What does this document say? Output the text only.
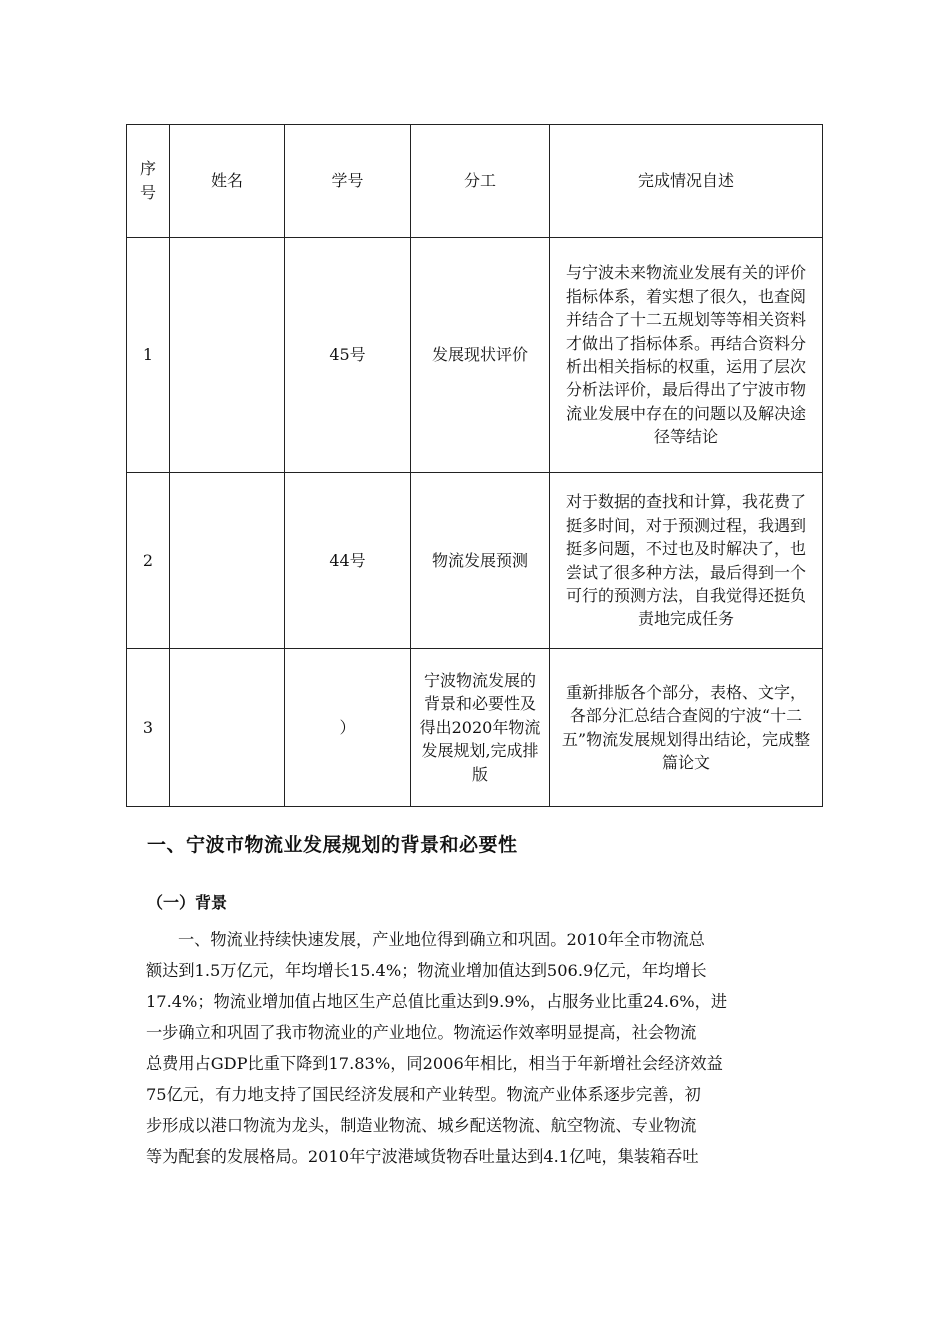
序号	姓名	学号	分工	完成情况自述
1		45号	发展现状评价	与宁波未来物流业发展有关的评价指标体系，着实想了很久，也查阅并结合了十二五规划等等相关资料才做出了指标体系。再结合资料分析出相关指标的权重，运用了层次分析法评价，最后得出了宁波市物流业发展中存在的问题以及解决途径等结论
2		44号	物流发展预测	对于数据的查找和计算，我花费了挺多时间，对于预测过程，我遇到挺多问题，不过也及时解决了，也尝试了很多种方法，最后得到一个可行的预测方法，自我觉得还挺负责地完成任务
3		）	宁波物流发展的背景和必要性及得出2020年物流发展规划,完成排版	重新排版各个部分，表格、文字，各部分汇总结合查阅的宁波“十二五”物流发展规划得出结论，完成整篇论文
一、宁波市物流业发展规划的背景和必要性
（一）背景
一、物流业持续快速发展，产业地位得到确立和巩固。2010年全市物流总
额达到1.5万亿元，年均增长15.4%；物流业增加值达到506.9亿元，年均增长
17.4%；物流业增加值占地区生产总值比重达到9.9%，占服务业比重24.6%，进
一步确立和巩固了我市物流业的产业地位。物流运作效率明显提高，社会物流
总费用占GDP比重下降到17.83%，同2006年相比，相当于年新增社会经济效益
75亿元，有力地支持了国民经济发展和产业转型。物流产业体系逐步完善，初
步形成以港口物流为龙头，制造业物流、城乡配送物流、航空物流、专业物流
等为配套的发展格局。2010年宁波港域货物吞吐量达到4.1亿吨，集装箱吞吐
